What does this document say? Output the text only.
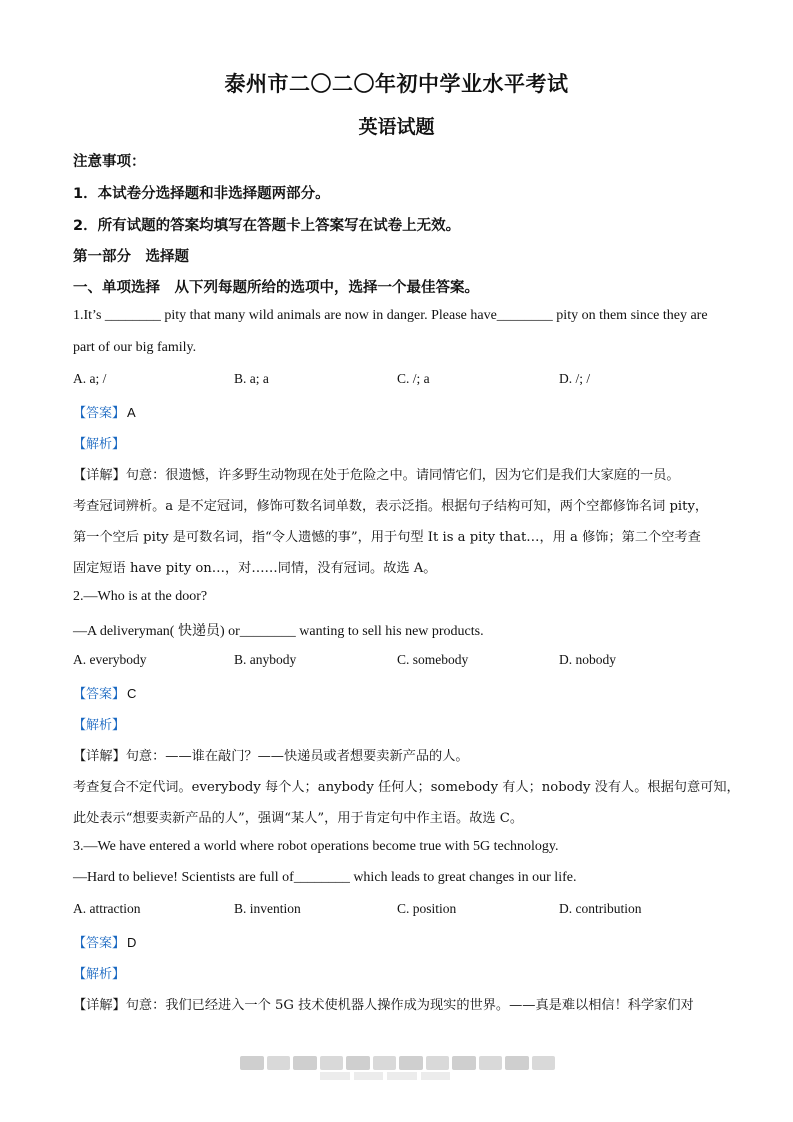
泰州市二〇二〇年初中学业水平考试
英语试题
注意事项：
1．本试卷分选择题和非选择题两部分。
2．所有试题的答案均填写在答题卡上答案写在试卷上无效。
第一部分　选择题
一、单项选择　从下列每题所给的选项中，选择一个最佳答案。
1.It’s ________ pity that many wild animals are now in danger. Please have________ pity on them since they are
part of our big family.
A. a; /	B. a; a	C. /; a	D. /; /
【答案】 A
【解析】
【详解】句意：很遗憾，许多野生动物现在处于危险之中。请同情它们，因为它们是我们大家庭的一员。
考查冠词辨析。a 是不定冠词，修饰可数名词单数，表示泛指。根据句子结构可知，两个空都修饰名词 pity，
第一个空后 pity 是可数名词，指“令人遗憾的事”，用于句型 It is a pity that…，用 a 修饰；第二个空考查
固定短语 have pity on…，对……同情，没有冠词。故选 A。
2.—Who is at the door?
—A deliveryman( 快递员) or________ wanting to sell his new products.
A. everybody	B. anybody	C. somebody	D. nobody
【答案】 C
【解析】
【详解】句意：——谁在敲门？——快递员或者想要卖新产品的人。
考查复合不定代词。everybody 每个人；anybody 任何人；somebody 有人；nobody 没有人。根据句意可知，
此处表示“想要卖新产品的人”，强调“某人”，用于肯定句中作主语。故选 C。
3.—We have entered a world where robot operations become true with 5G technology.
—Hard to believe! Scientists are full of________ which leads to great changes in our life.
A. attraction	B. invention	C. position	D. contribution
【答案】 D
【解析】
【详解】句意：我们已经进入一个 5G 技术使机器人操作成为现实的世界。——真是难以相信！科学家们对
